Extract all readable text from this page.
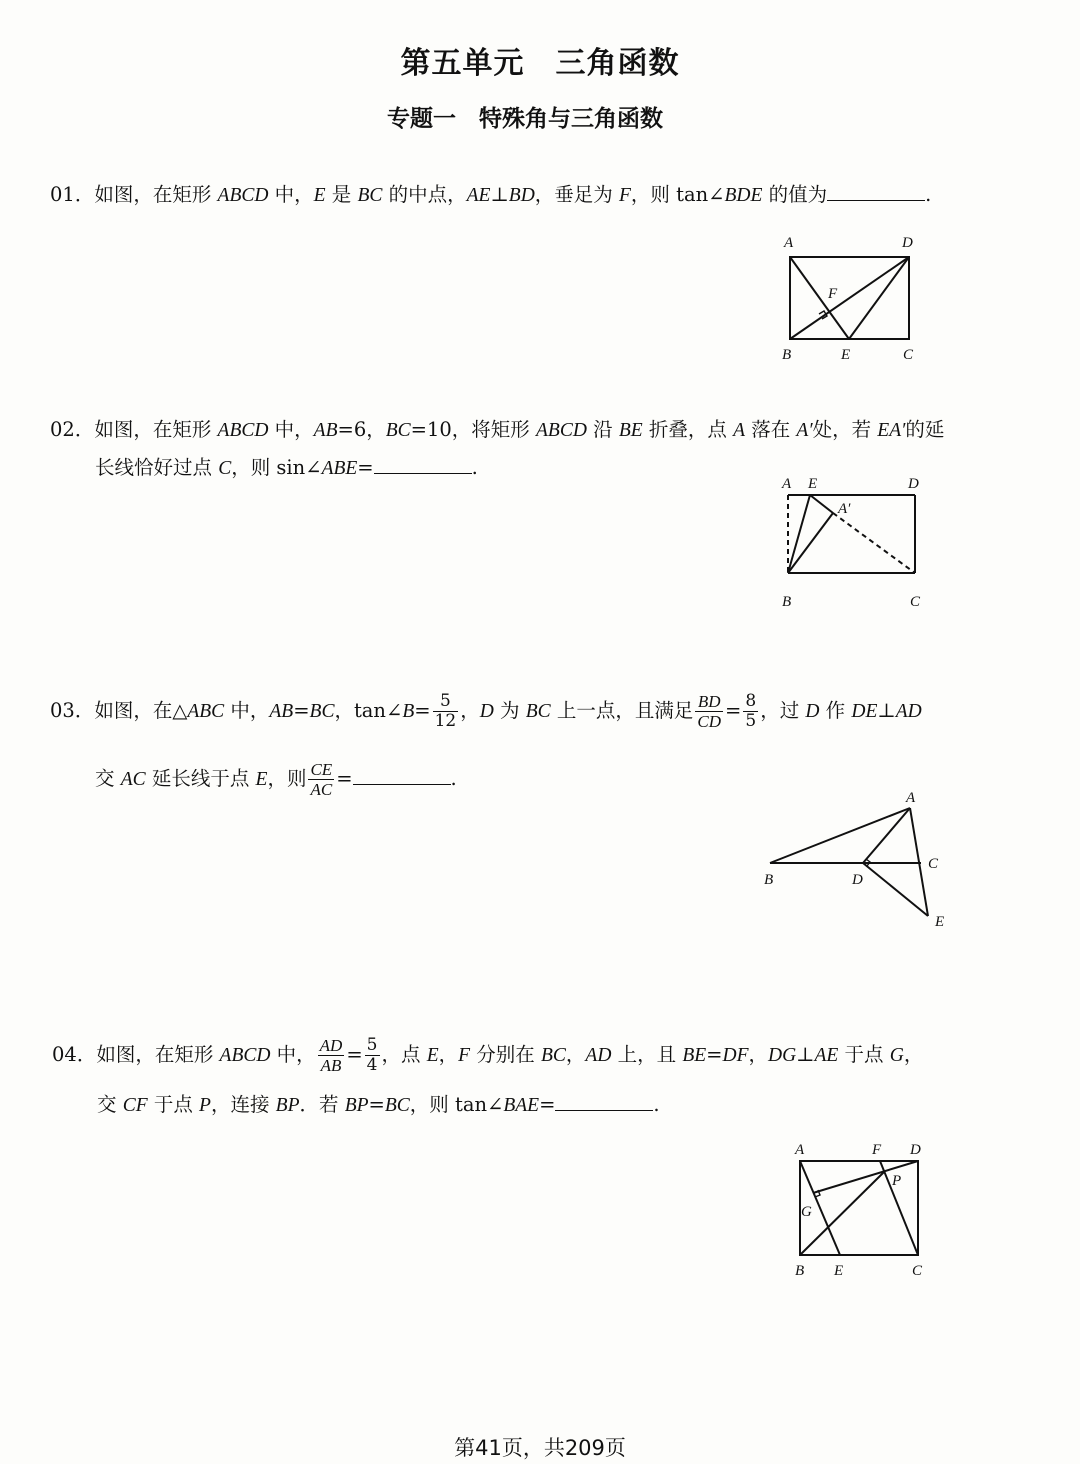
第五单元　三角函数
专题一　特殊角与三角函数
01．如图，在矩形 ABCD 中，E 是 BC 的中点，AE⊥BD，垂足为 F，则 tan∠BDE 的值为	.
A	D
B	E	C
F
02．如图，在矩形 ABCD 中，AB=6，BC=10，将矩形 ABCD 沿 BE 折叠，点 A 落在 A′处，若 EA′的延
长线恰好过点 C，则 sin∠ABE=	.
A E	D
A′
B	C
03．如图，在△ABC 中，AB=BC，tan∠B= $\frac{5}{12}$ ，D 为 BC 上一点，且满足 $\frac{BD}{CD} = \frac{8}{5}$ ，过 D 作 DE⊥AD
交 AC 延长线于点 E，则 $\frac{CE}{AC}$ =	.
A
B	D
C
E
04．如图，在矩形 ABCD 中， $\frac{AD}{AB} = \frac{5}{4}$ ，点 E，F 分别在 BC，AD 上，且 BE=DF，DG⊥AE 于点 G，
交 CF 于点 P，连接 BP．若 BP=BC，则 tan∠BAE=	.
A	F D
P
G
B E	C
第41页，共209页
